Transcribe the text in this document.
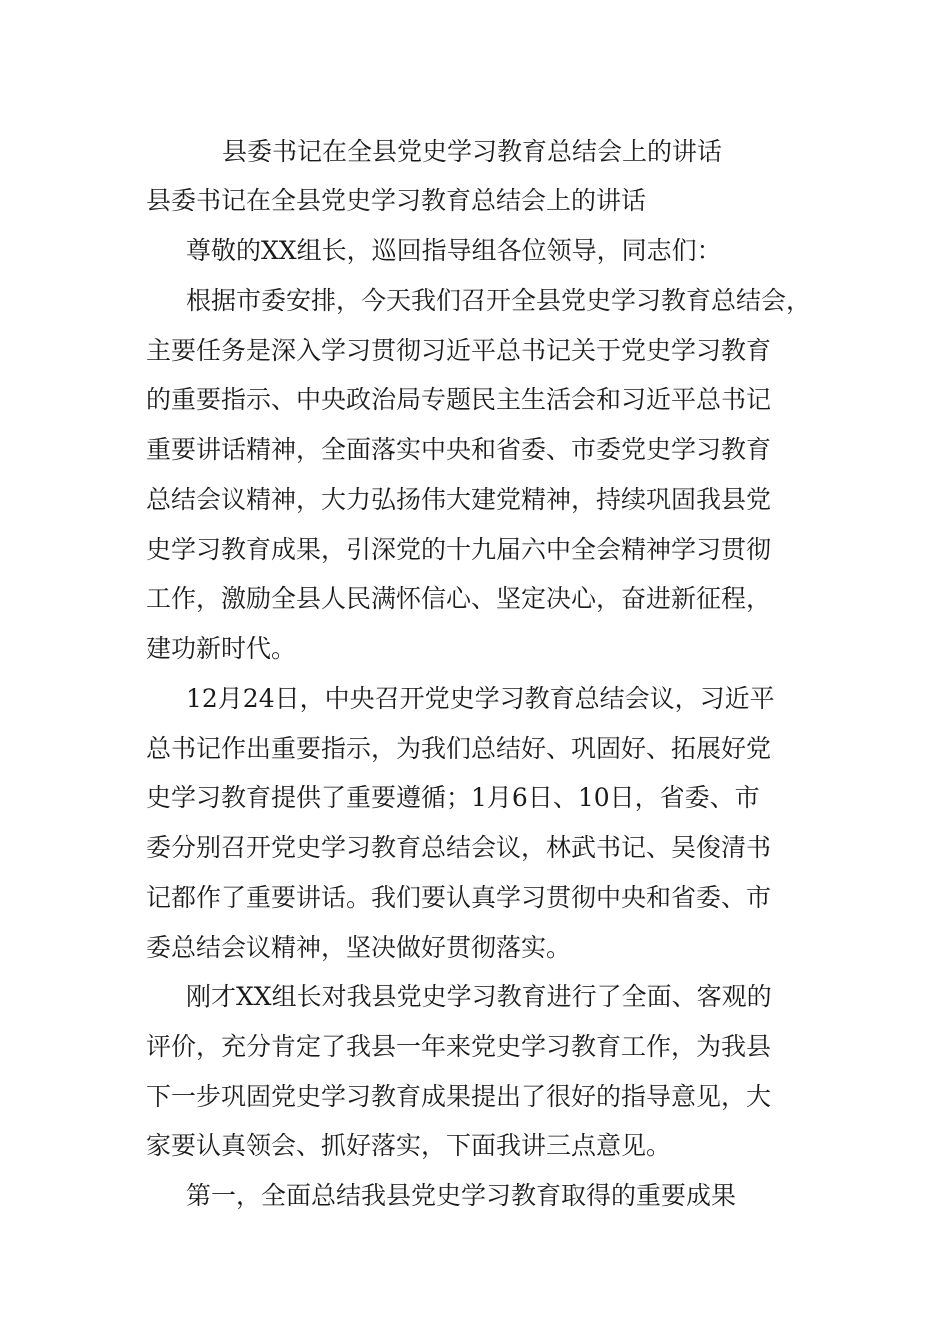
县委书记在全县党史学习教育总结会上的讲话
县委书记在全县党史学习教育总结会上的讲话
尊敬的XX组长，巡回指导组各位领导，同志们：
根据市委安排，今天我们召开全县党史学习教育总结会，
主要任务是深入学习贯彻习近平总书记关于党史学习教育
的重要指示、中央政治局专题民主生活会和习近平总书记
重要讲话精神，全面落实中央和省委、市委党史学习教育
总结会议精神，大力弘扬伟大建党精神，持续巩固我县党
史学习教育成果，引深党的十九届六中全会精神学习贯彻
工作，激励全县人民满怀信心、坚定决心，奋进新征程，
建功新时代。
12月24日，中央召开党史学习教育总结会议，习近平
总书记作出重要指示，为我们总结好、巩固好、拓展好党
史学习教育提供了重要遵循；1月6日、10日，省委、市
委分别召开党史学习教育总结会议，林武书记、吴俊清书
记都作了重要讲话。我们要认真学习贯彻中央和省委、市
委总结会议精神，坚决做好贯彻落实。
刚才XX组长对我县党史学习教育进行了全面、客观的
评价，充分肯定了我县一年来党史学习教育工作，为我县
下一步巩固党史学习教育成果提出了很好的指导意见，大
家要认真领会、抓好落实，下面我讲三点意见。
第一，全面总结我县党史学习教育取得的重要成果
